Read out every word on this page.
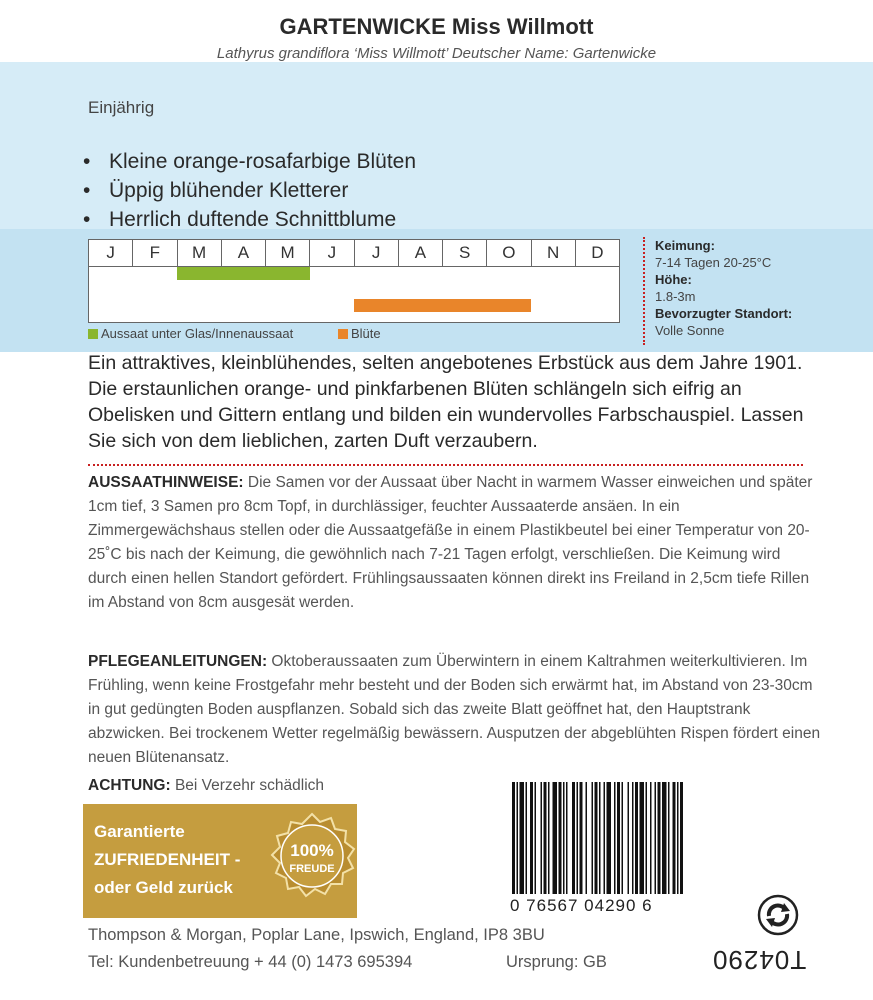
GARTENWICKE Miss Willmott
Lathyrus grandiflora ‘Miss Willmott’ Deutscher Name: Gartenwicke
Einjährig
• Kleine orange-rosafarbige Blüten
• Üppig blühender Kletterer
• Herrlich duftende Schnittblume
J	F	M	A	M	J	J	A	S	O	N	D
Aussaat unter Glas/Innenaussaat	Blüte
Keimung:
7-14 Tagen 20-25°C
Höhe:
1.8-3m
Bevorzugter Standort:
Volle Sonne
Ein attraktives, kleinblühendes, selten angebotenes Erbstück aus dem Jahre 1901. Die erstaunlichen orange- und pinkfarbenen Blüten schlängeln sich eifrig an Obelisken und Gittern entlang und bilden ein wundervolles Farbschauspiel. Lassen Sie sich von dem lieblichen, zarten Duft verzaubern.
AUSSAATHINWEISE: Die Samen vor der Aussaat über Nacht in warmem Wasser einweichen und später 1cm tief, 3 Samen pro 8cm Topf, in durchlässiger, feuchter Aussaaterde ansäen. In ein Zimmergewächshaus stellen oder die Aussaatgefäße in einem Plastikbeutel bei einer Temperatur von 20-25˚C bis nach der Keimung, die gewöhnlich nach 7-21 Tagen erfolgt, verschließen. Die Keimung wird durch einen hellen Standort gefördert. Frühlingsaussaaten können direkt ins Freiland in 2,5cm tiefe Rillen im Abstand von 8cm ausgesät werden.
PFLEGEANLEITUNGEN: Oktoberaussaaten zum Überwintern in einem Kaltrahmen weiterkultivieren. Im Frühling, wenn keine Frostgefahr mehr besteht und der Boden sich erwärmt hat, im Abstand von 23-30cm in gut gedüngten Boden auspflanzen. Sobald sich das zweite Blatt geöffnet hat, den Hauptstrank abzwicken. Bei trockenem Wetter regelmäßig bewässern. Ausputzen der abgeblühten Rispen fördert einen neuen Blütenansatz.
ACHTUNG: Bei Verzehr schädlich
Garantierte
ZUFRIEDENHEIT -
oder Geld zurück
100%
FREUDE
0 76567 04290 6
T04290
Thompson & Morgan, Poplar Lane, Ipswich, England, IP8 3BU
Tel: Kundenbetreuung + 44 (0) 1473 695394	Ursprung: GB
